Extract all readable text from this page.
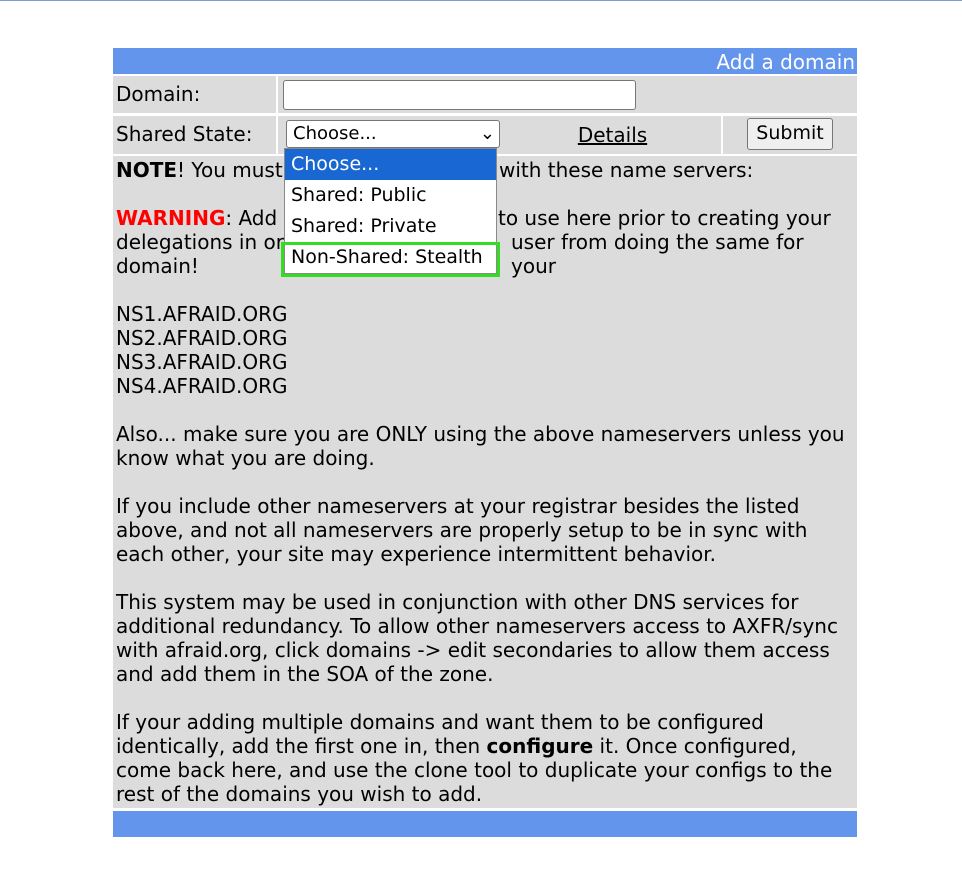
Add a domain
Domain:
Shared State:	Choose...	⌄	Details	Submit

NOTE! You must	with these name servers:

WARNING: Add	to use here prior to creating your

delegations in or	user from doing the same for your

domain!

NS1.AFRAID.ORG
NS2.AFRAID.ORG
NS3.AFRAID.ORG
NS4.AFRAID.ORG

Also... make sure you are ONLY using the above nameservers unless you know what you are doing.

If you include other nameservers at your registrar besides the listed above, and not all nameservers are properly setup to be in sync with each other, your site may experience intermittent behavior.

This system may be used in conjunction with other DNS services for additional redundancy. To allow other nameservers access to AXFR/sync with afraid.org, click domains -> edit secondaries to allow them access and add them in the SOA of the zone.

If your adding multiple domains and want them to be configured identically, add the first one in, then configure it. Once configured, come back here, and use the clone tool to duplicate your configs to the rest of the domains you wish to add.

Choose...
Shared: Public
Shared: Private
Non-Shared: Stealth
